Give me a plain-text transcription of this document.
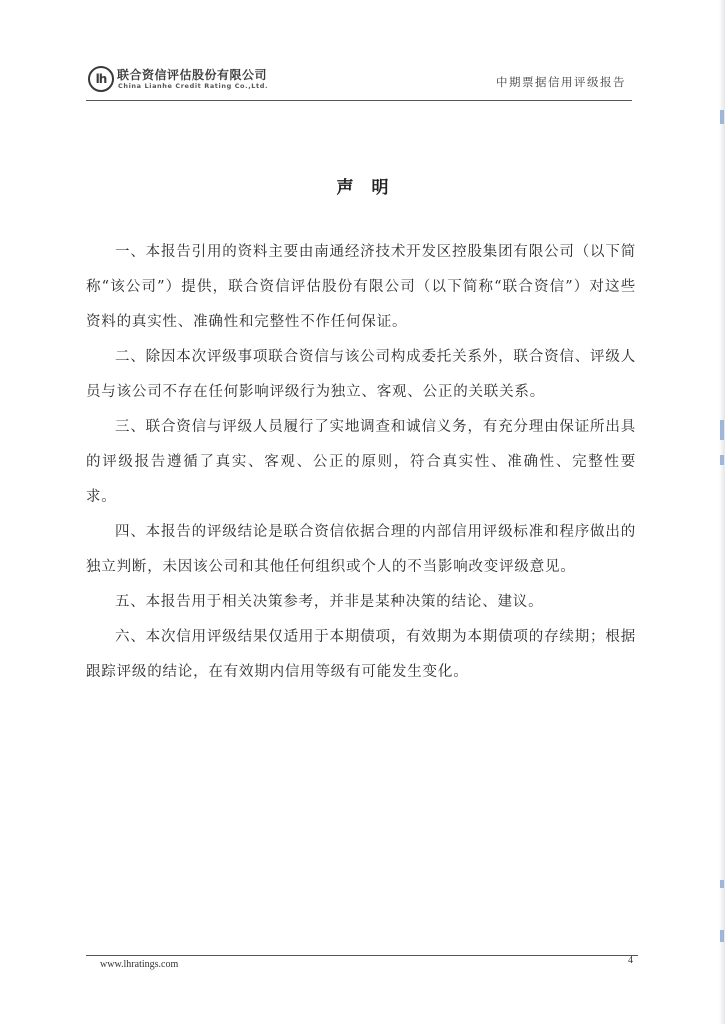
lh 联合资信评估股份有限公司
China Lianhe Credit Rating Co.,Ltd.	中期票据信用评级报告
声明

一、本报告引用的资料主要由南通经济技术开发区控股集团有限公司（以下简称“该公司”）提供，联合资信评估股份有限公司（以下简称“联合资信”）对这些资料的真实性、准确性和完整性不作任何保证。

二、除因本次评级事项联合资信与该公司构成委托关系外，联合资信、评级人员与该公司不存在任何影响评级行为独立、客观、公正的关联关系。

三、联合资信与评级人员履行了实地调查和诚信义务，有充分理由保证所出具的评级报告遵循了真实、客观、公正的原则，符合真实性、准确性、完整性要求。

四、本报告的评级结论是联合资信依据合理的内部信用评级标准和程序做出的独立判断，未因该公司和其他任何组织或个人的不当影响改变评级意见。

五、本报告用于相关决策参考，并非是某种决策的结论、建议。

六、本次信用评级结果仅适用于本期债项，有效期为本期债项的存续期；根据跟踪评级的结论，在有效期内信用等级有可能发生变化。

www.lhratings.com	4
